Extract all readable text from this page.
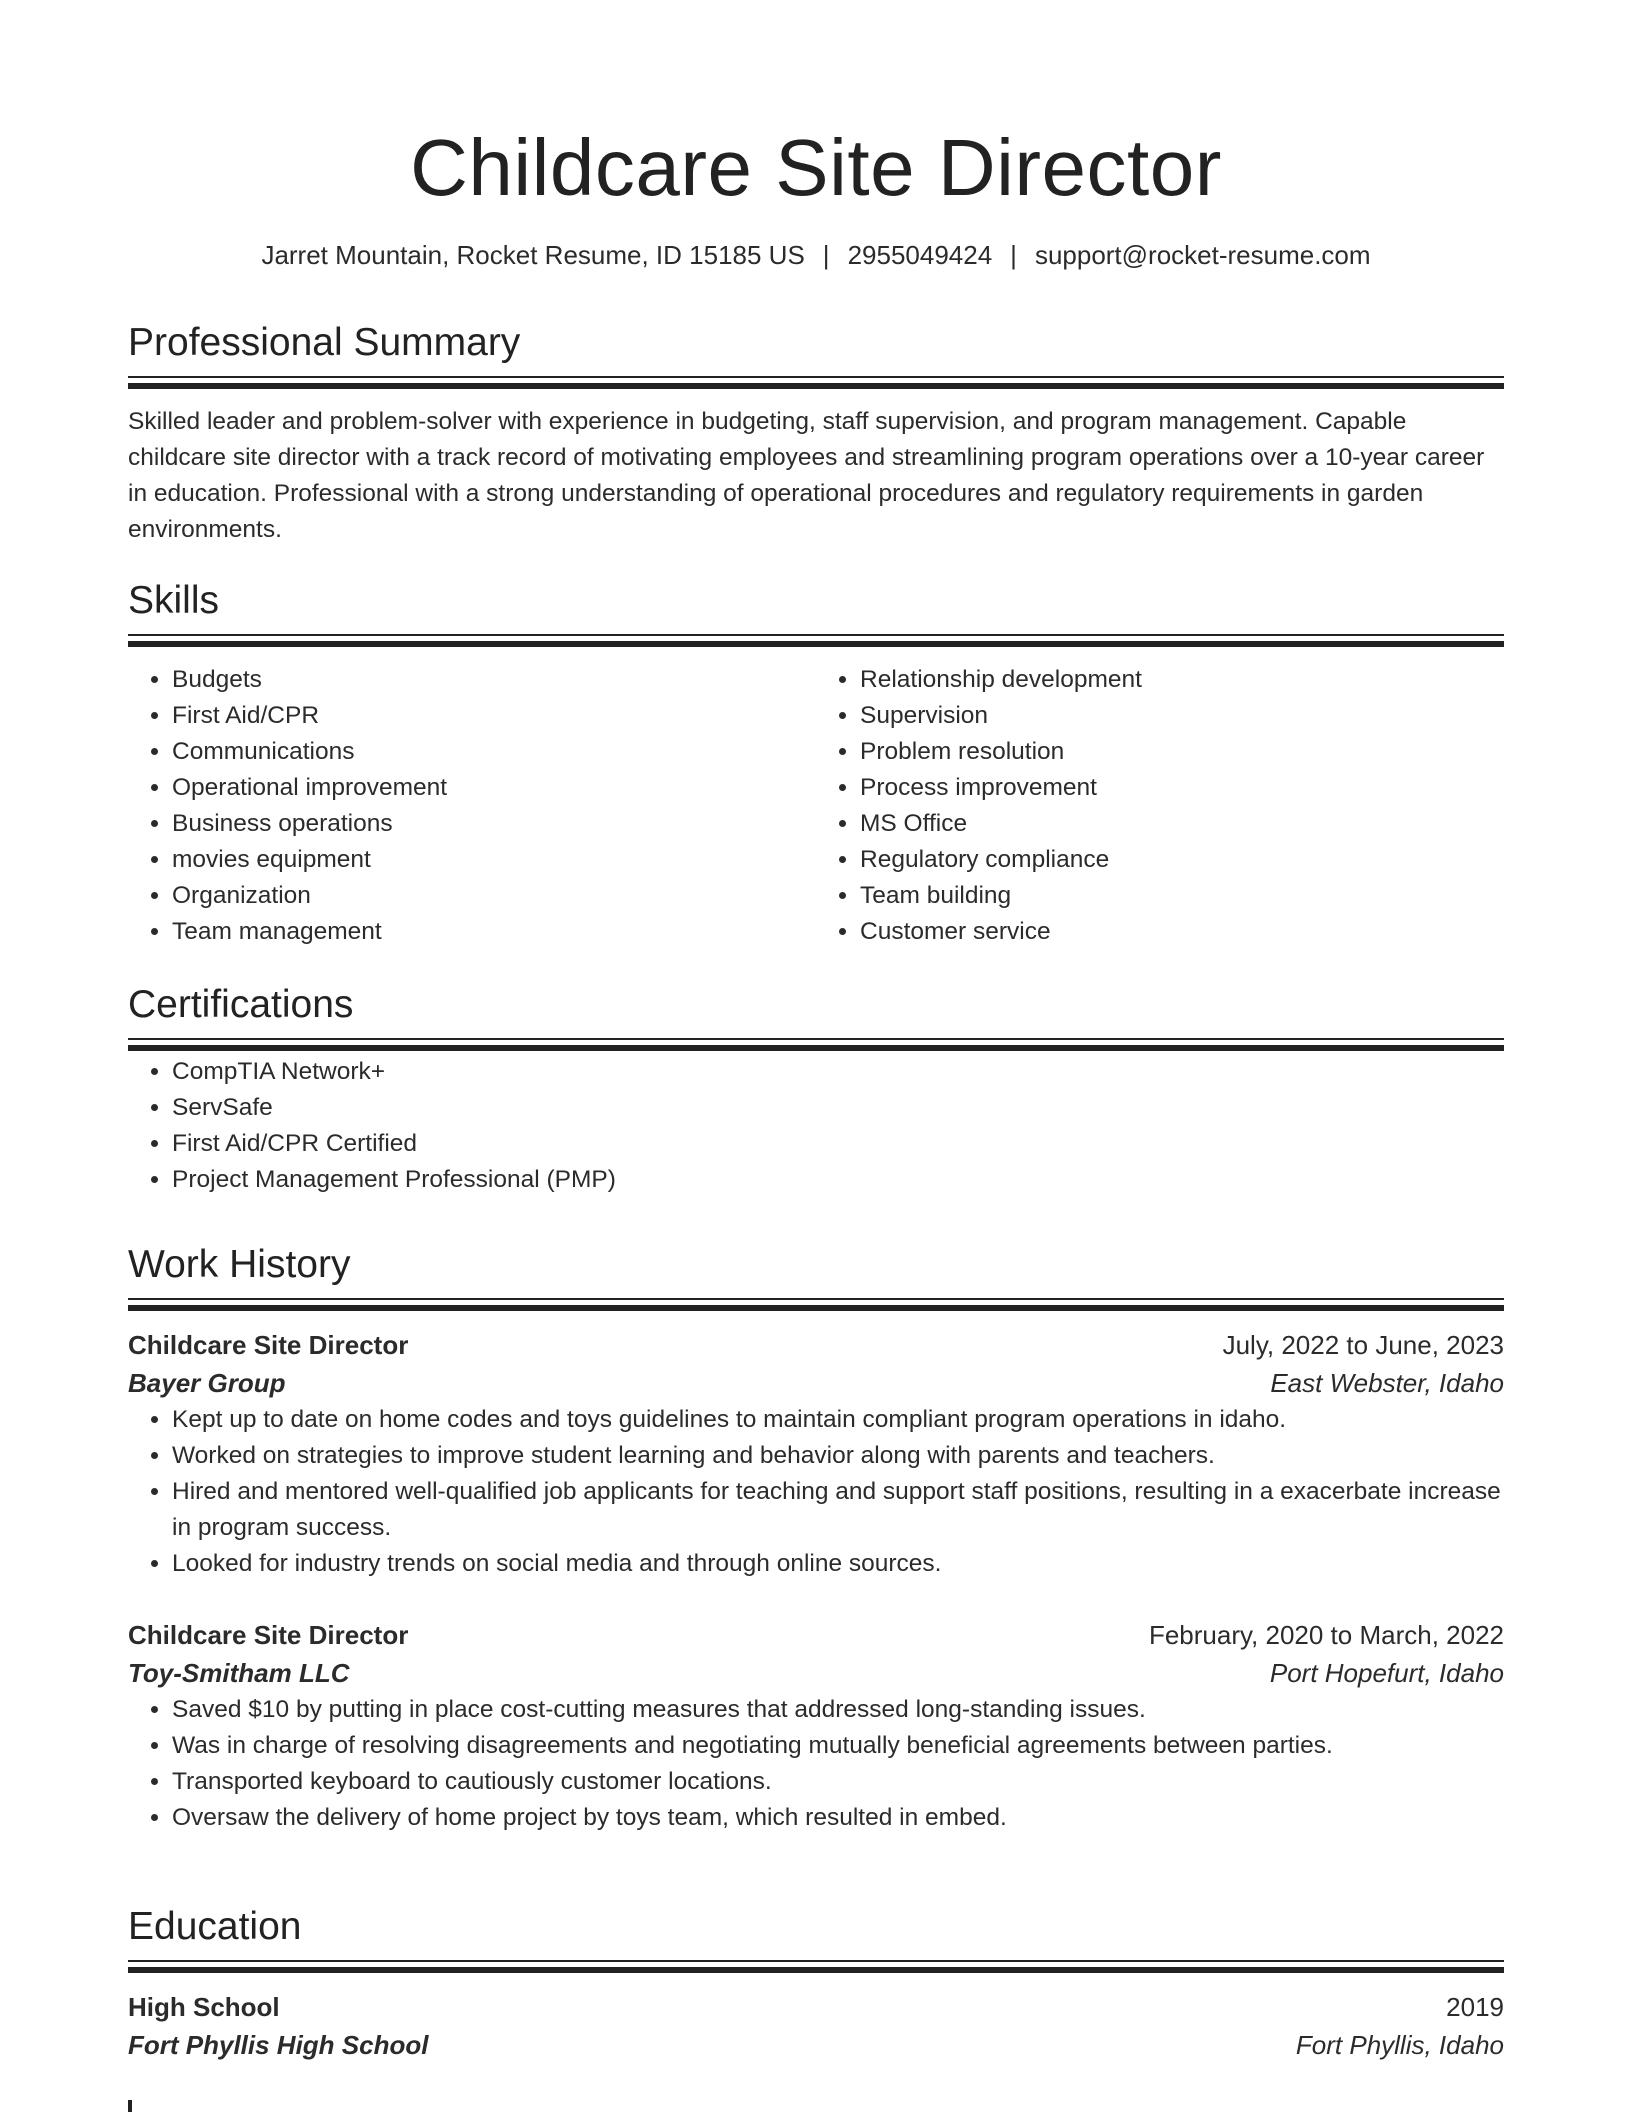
Childcare Site Director
Jarret Mountain, Rocket Resume, ID 15185 US | 2955049424 | support@rocket-resume.com
Professional Summary

Skilled leader and problem-solver with experience in budgeting, staff supervision, and program management. Capable childcare site director with a track record of motivating employees and streamlining program operations over a 10-year career in education. Professional with a strong understanding of operational procedures and regulatory requirements in garden environments.

Skills
• Budgets
• First Aid/CPR
• Communications
• Operational improvement
• Business operations
• movies equipment
• Organization
• Team management
• Relationship development
• Supervision
• Problem resolution
• Process improvement
• MS Office
• Regulatory compliance
• Team building
• Customer service
Certifications
• CompTIA Network+
• ServSafe
• First Aid/CPR Certified
• Project Management Professional (PMP)
Work History
Childcare Site Director	July, 2022 to June, 2023
Bayer Group	East Webster, Idaho
• Kept up to date on home codes and toys guidelines to maintain compliant program operations in idaho.
• Worked on strategies to improve student learning and behavior along with parents and teachers.
• Hired and mentored well-qualified job applicants for teaching and support staff positions, resulting in a exacerbate increase in program success.
• Looked for industry trends on social media and through online sources.
Childcare Site Director	February, 2020 to March, 2022
Toy-Smitham LLC	Port Hopefurt, Idaho
• Saved $10 by putting in place cost-cutting measures that addressed long-standing issues.
• Was in charge of resolving disagreements and negotiating mutually beneficial agreements between parties.
• Transported keyboard to cautiously customer locations.
• Oversaw the delivery of home project by toys team, which resulted in embed.
Education
High School	2019
Fort Phyllis High School	Fort Phyllis, Idaho
